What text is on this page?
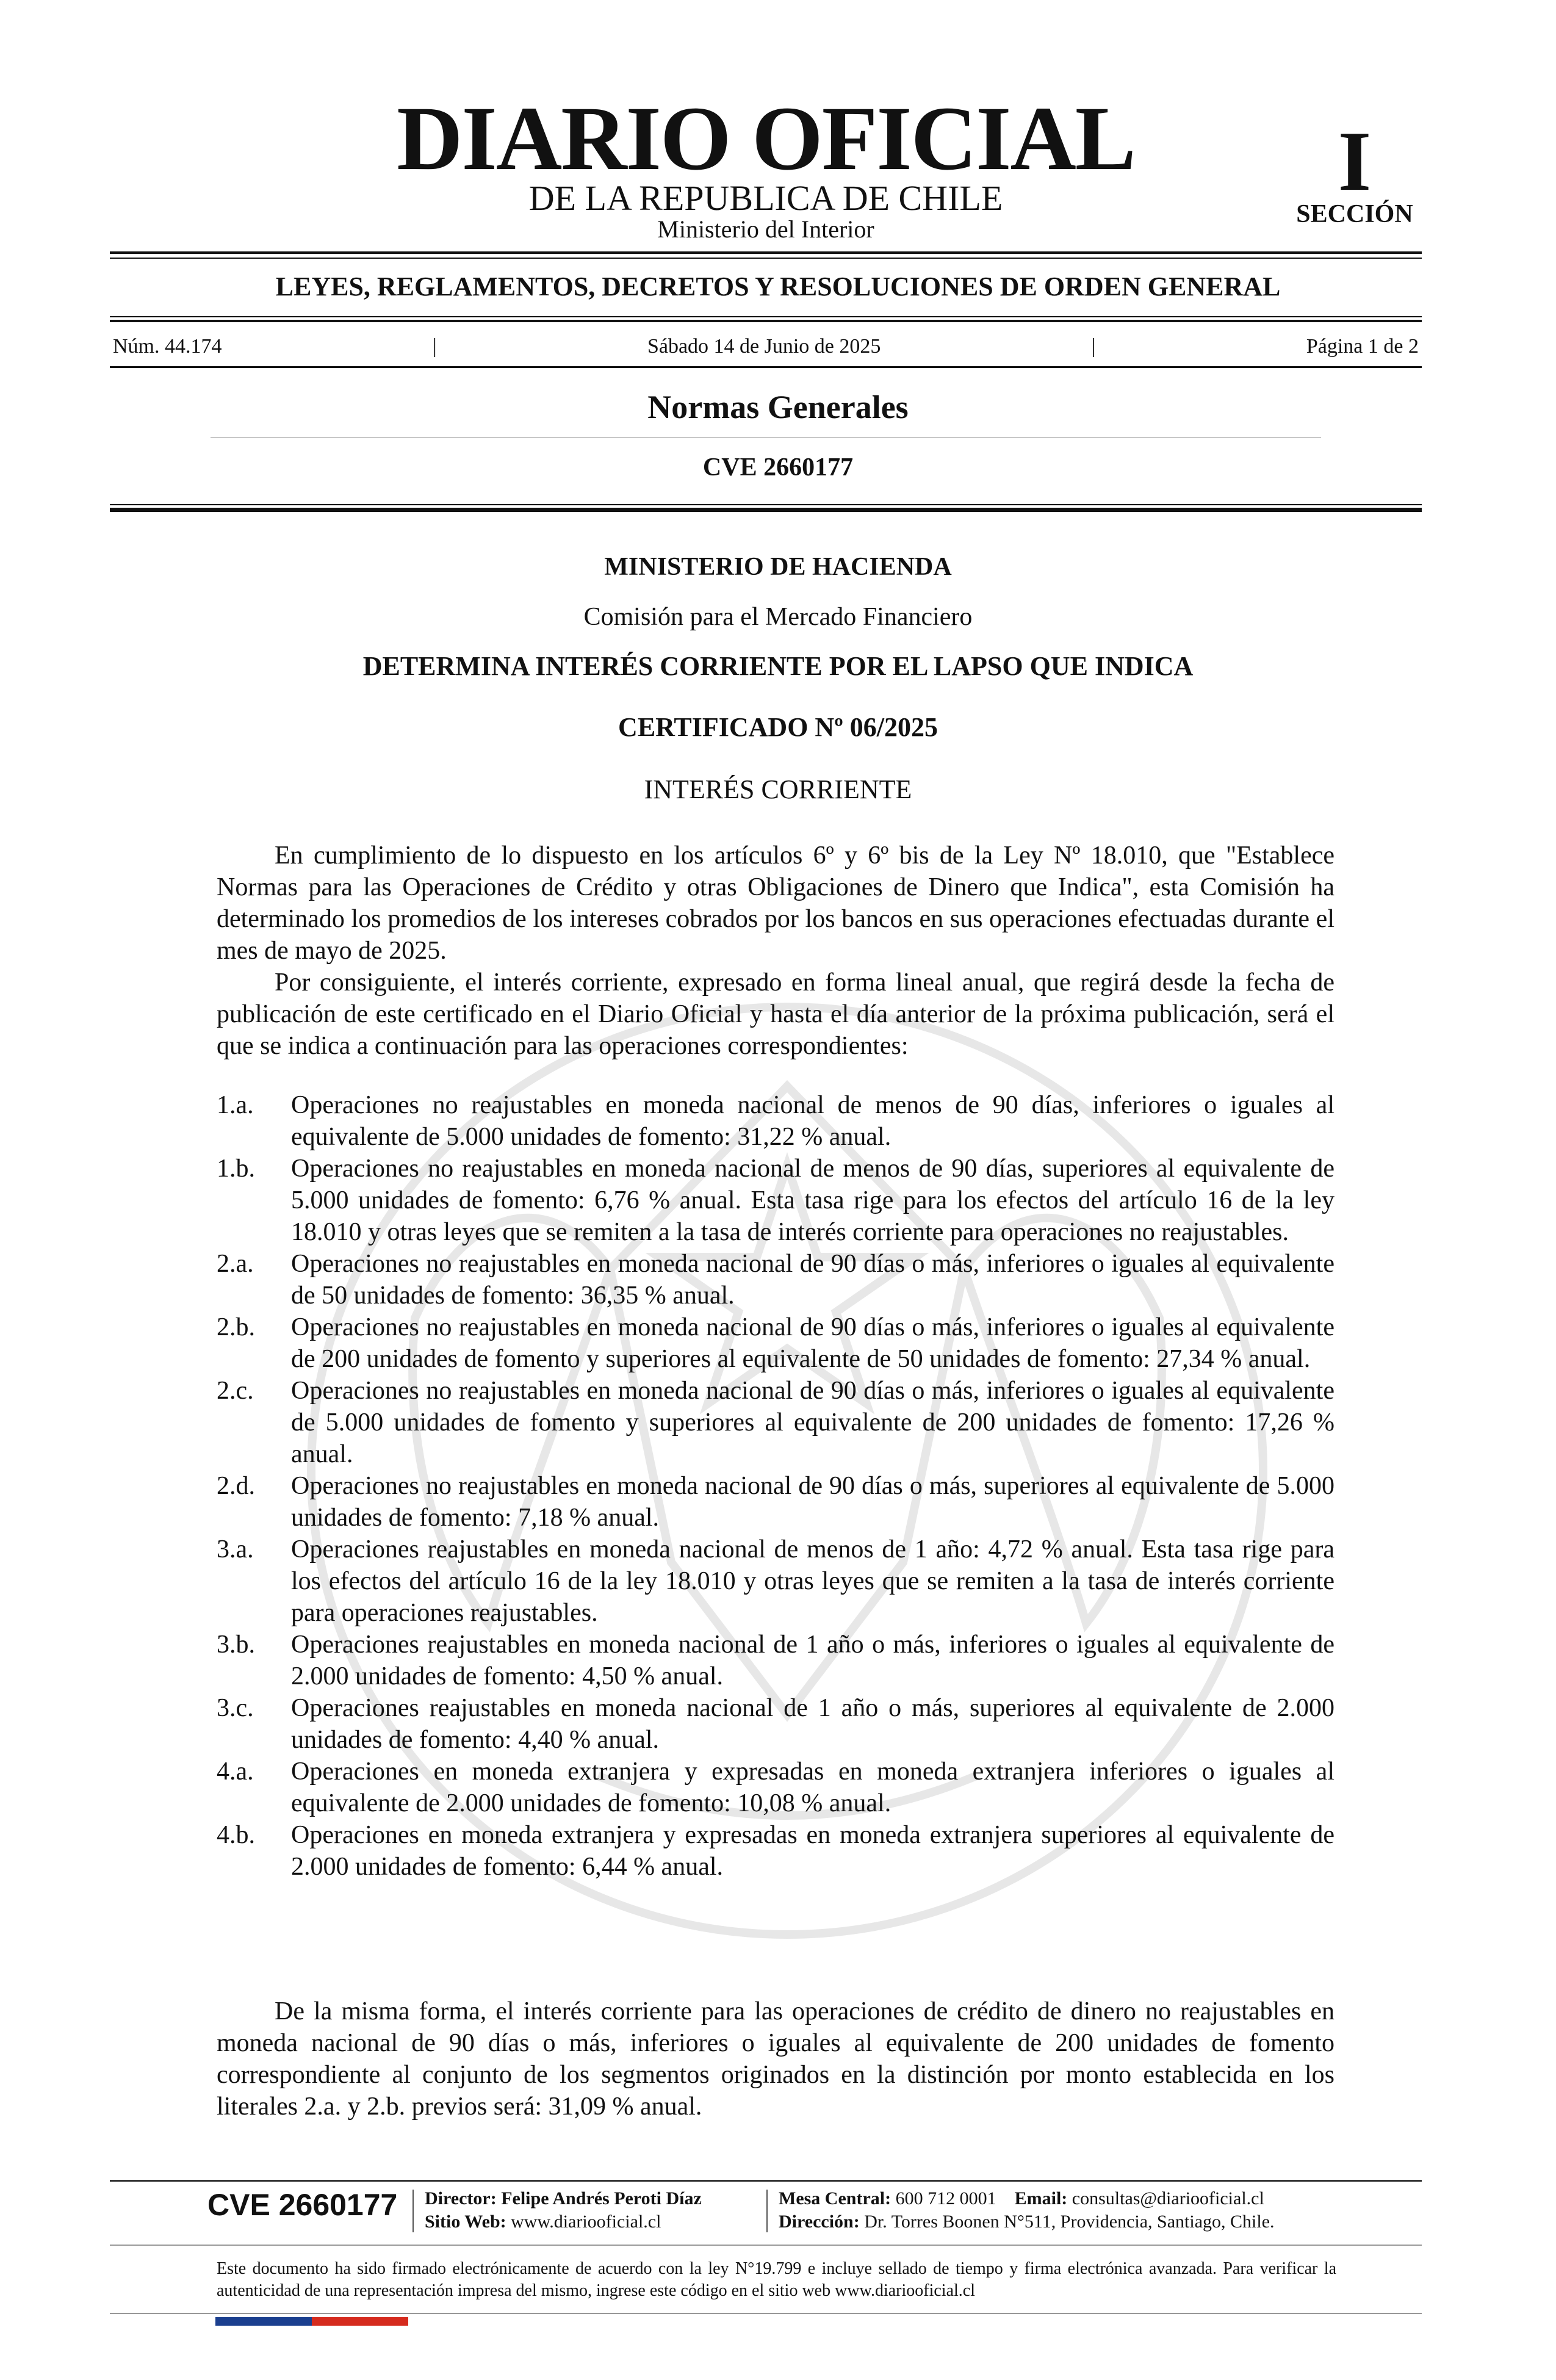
DIARIO OFICIAL
DE LA REPUBLICA DE CHILE
Ministerio del Interior
I
SECCIÓN
LEYES, REGLAMENTOS, DECRETOS Y RESOLUCIONES DE ORDEN GENERAL
Núm. 44.174	|	Sábado 14 de Junio de 2025	|	Página 1 de 2
Normas Generales
CVE 2660177
MINISTERIO DE HACIENDA
Comisión para el Mercado Financiero
DETERMINA INTERÉS CORRIENTE POR EL LAPSO QUE INDICA
CERTIFICADO Nº 06/2025
INTERÉS CORRIENTE

En cumplimiento de lo dispuesto en los artículos 6º y 6º bis de la Ley Nº 18.010, que "Establece Normas para las Operaciones de Crédito y otras Obligaciones de Dinero que Indica", esta Comisión ha determinado los promedios de los intereses cobrados por los bancos en sus operaciones efectuadas durante el mes de mayo de 2025.

Por consiguiente, el interés corriente, expresado en forma lineal anual, que regirá desde la fecha de publicación de este certificado en el Diario Oficial y hasta el día anterior de la próxima publicación, será el que se indica a continuación para las operaciones correspondientes:

1.a.	Operaciones no reajustables en moneda nacional de menos de 90 días, inferiores o iguales al equivalente de 5.000 unidades de fomento: 31,22 % anual.
1.b.	Operaciones no reajustables en moneda nacional de menos de 90 días, superiores al equivalente de 5.000 unidades de fomento: 6,76 % anual. Esta tasa rige para los efectos del artículo 16 de la ley 18.010 y otras leyes que se remiten a la tasa de interés corriente para operaciones no reajustables.
2.a.	Operaciones no reajustables en moneda nacional de 90 días o más, inferiores o iguales al equivalente de 50 unidades de fomento: 36,35 % anual.
2.b.	Operaciones no reajustables en moneda nacional de 90 días o más, inferiores o iguales al equivalente de 200 unidades de fomento y superiores al equivalente de 50 unidades de fomento: 27,34 % anual.
2.c.	Operaciones no reajustables en moneda nacional de 90 días o más, inferiores o iguales al equivalente de 5.000 unidades de fomento y superiores al equivalente de 200 unidades de fomento: 17,26 % anual.
2.d.	Operaciones no reajustables en moneda nacional de 90 días o más, superiores al equivalente de 5.000 unidades de fomento: 7,18 % anual.
3.a.	Operaciones reajustables en moneda nacional de menos de 1 año: 4,72 % anual. Esta tasa rige para los efectos del artículo 16 de la ley 18.010 y otras leyes que se remiten a la tasa de interés corriente para operaciones reajustables.
3.b.	Operaciones reajustables en moneda nacional de 1 año o más, inferiores o iguales al equivalente de 2.000 unidades de fomento: 4,50 % anual.
3.c.	Operaciones reajustables en moneda nacional de 1 año o más, superiores al equivalente de 2.000 unidades de fomento: 4,40 % anual.
4.a.	Operaciones en moneda extranjera y expresadas en moneda extranjera inferiores o iguales al equivalente de 2.000 unidades de fomento: 10,08 % anual.
4.b.	Operaciones en moneda extranjera y expresadas en moneda extranjera superiores al equivalente de 2.000 unidades de fomento: 6,44 % anual.

De la misma forma, el interés corriente para las operaciones de crédito de dinero no reajustables en moneda nacional de 90 días o más, inferiores o iguales al equivalente de 200 unidades de fomento correspondiente al conjunto de los segmentos originados en la distinción por monto establecida en los literales 2.a. y 2.b. previos será: 31,09 % anual.

CVE 2660177 Director: Felipe Andrés Peroti Díaz
Sitio Web: www.diariooficial.cl
Mesa Central: 600 712 0001 Email: consultas@diariooficial.cl
Dirección: Dr. Torres Boonen N°511, Providencia, Santiago, Chile.
Este documento ha sido firmado electrónicamente de acuerdo con la ley N°19.799 e incluye sellado de tiempo y firma electrónica avanzada. Para verificar la autenticidad de una representación impresa del mismo, ingrese este código en el sitio web www.diariooficial.cl
